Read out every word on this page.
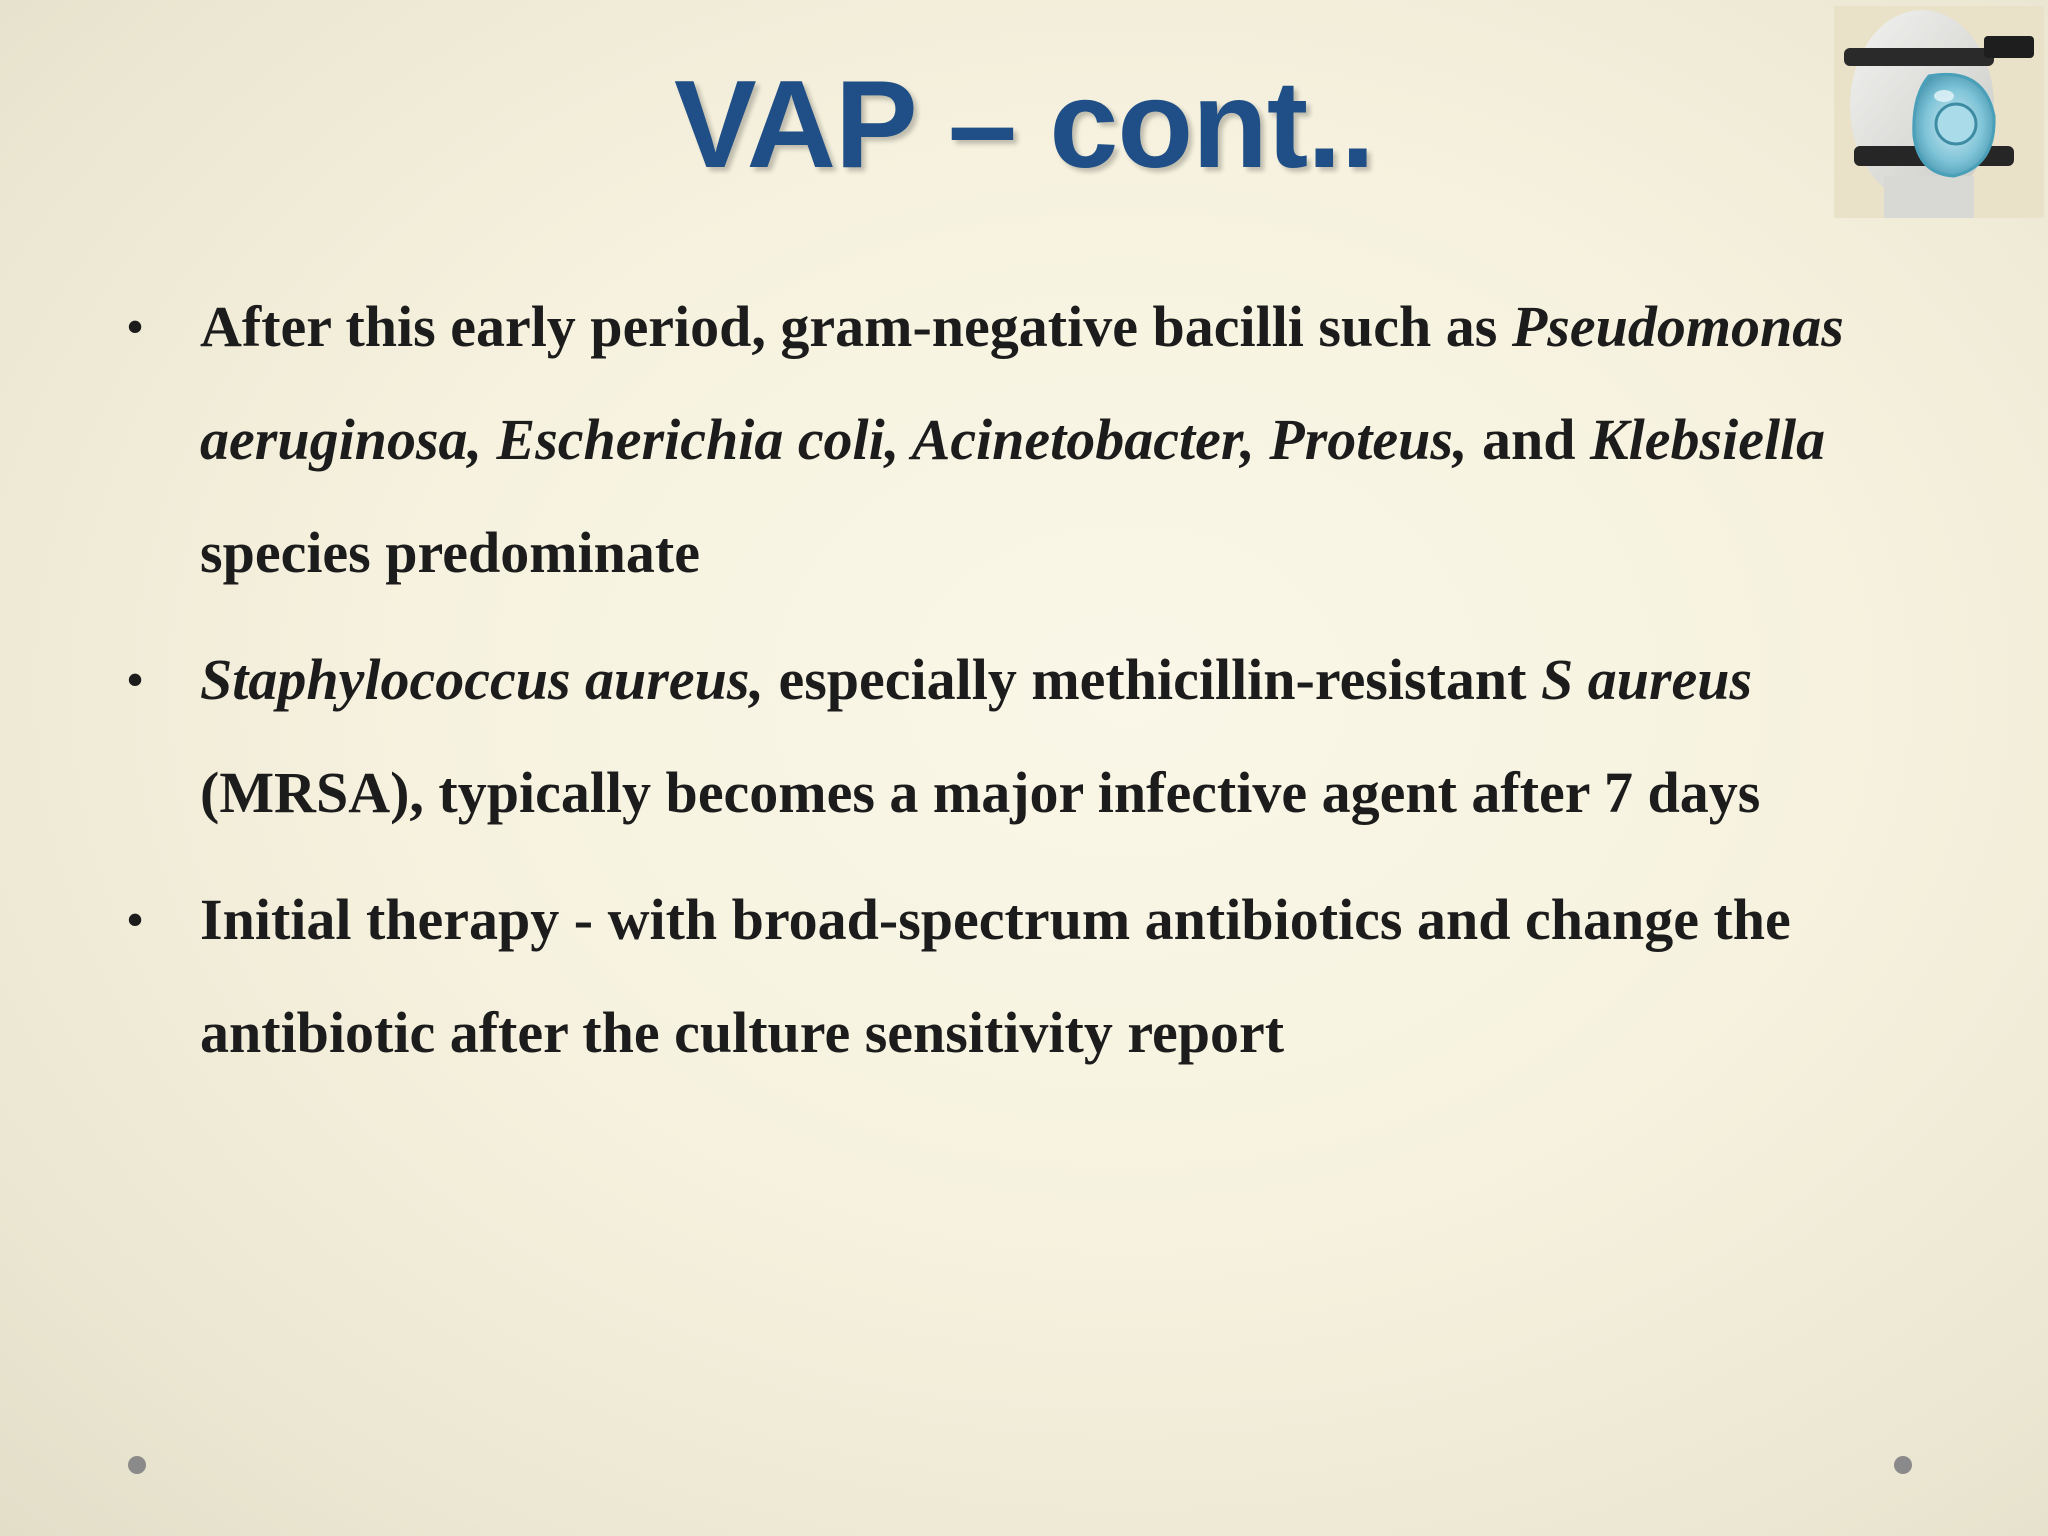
VAP – cont..
• After this early period, gram-negative bacilli such as Pseudomonas aeruginosa, Escherichia coli, Acinetobacter, Proteus, and Klebsiella species predominate
• Staphylococcus aureus, especially methicillin-resistant S aureus (MRSA), typically becomes a major infective agent after 7 days
• Initial therapy - with broad-spectrum antibiotics and change the antibiotic after the culture sensitivity report
